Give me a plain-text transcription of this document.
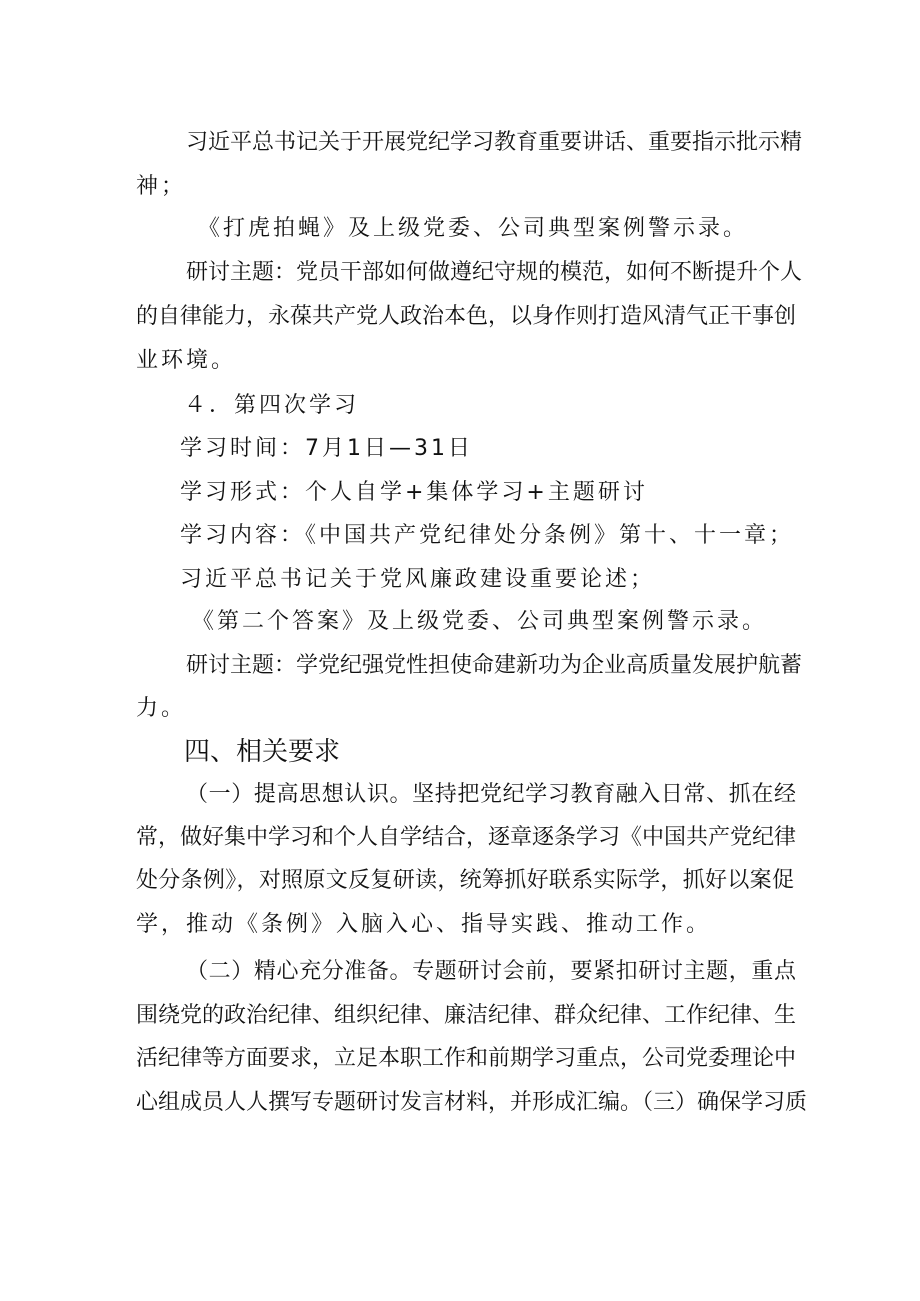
习近平总书记关于开展党纪学习教育重要讲话、重要指示批示精
神；
《打虎拍蝇》及上级党委、公司典型案例警示录。
研讨主题：党员干部如何做遵纪守规的模范，如何不断提升个人
的自律能力，永葆共产党人政治本色，以身作则打造风清气正干事创
业环境。
４．第四次学习
学习时间：7月1日—31日
学习形式：个人自学+集体学习+主题研讨
学习内容：《中国共产党纪律处分条例》第十、十一章；
习近平总书记关于党风廉政建设重要论述；
《第二个答案》及上级党委、公司典型案例警示录。
研讨主题：学党纪强党性担使命建新功为企业高质量发展护航蓄
力。
四、相关要求
（一）提高思想认识。坚持把党纪学习教育融入日常、抓在经
常，做好集中学习和个人自学结合，逐章逐条学习《中国共产党纪律
处分条例》，对照原文反复研读，统筹抓好联系实际学，抓好以案促
学，推动《条例》入脑入心、指导实践、推动工作。
（二）精心充分准备。专题研讨会前，要紧扣研讨主题，重点
围绕党的政治纪律、组织纪律、廉洁纪律、群众纪律、工作纪律、生
活纪律等方面要求，立足本职工作和前期学习重点，公司党委理论中
心组成员人人撰写专题研讨发言材料，并形成汇编。（三）确保学习质
